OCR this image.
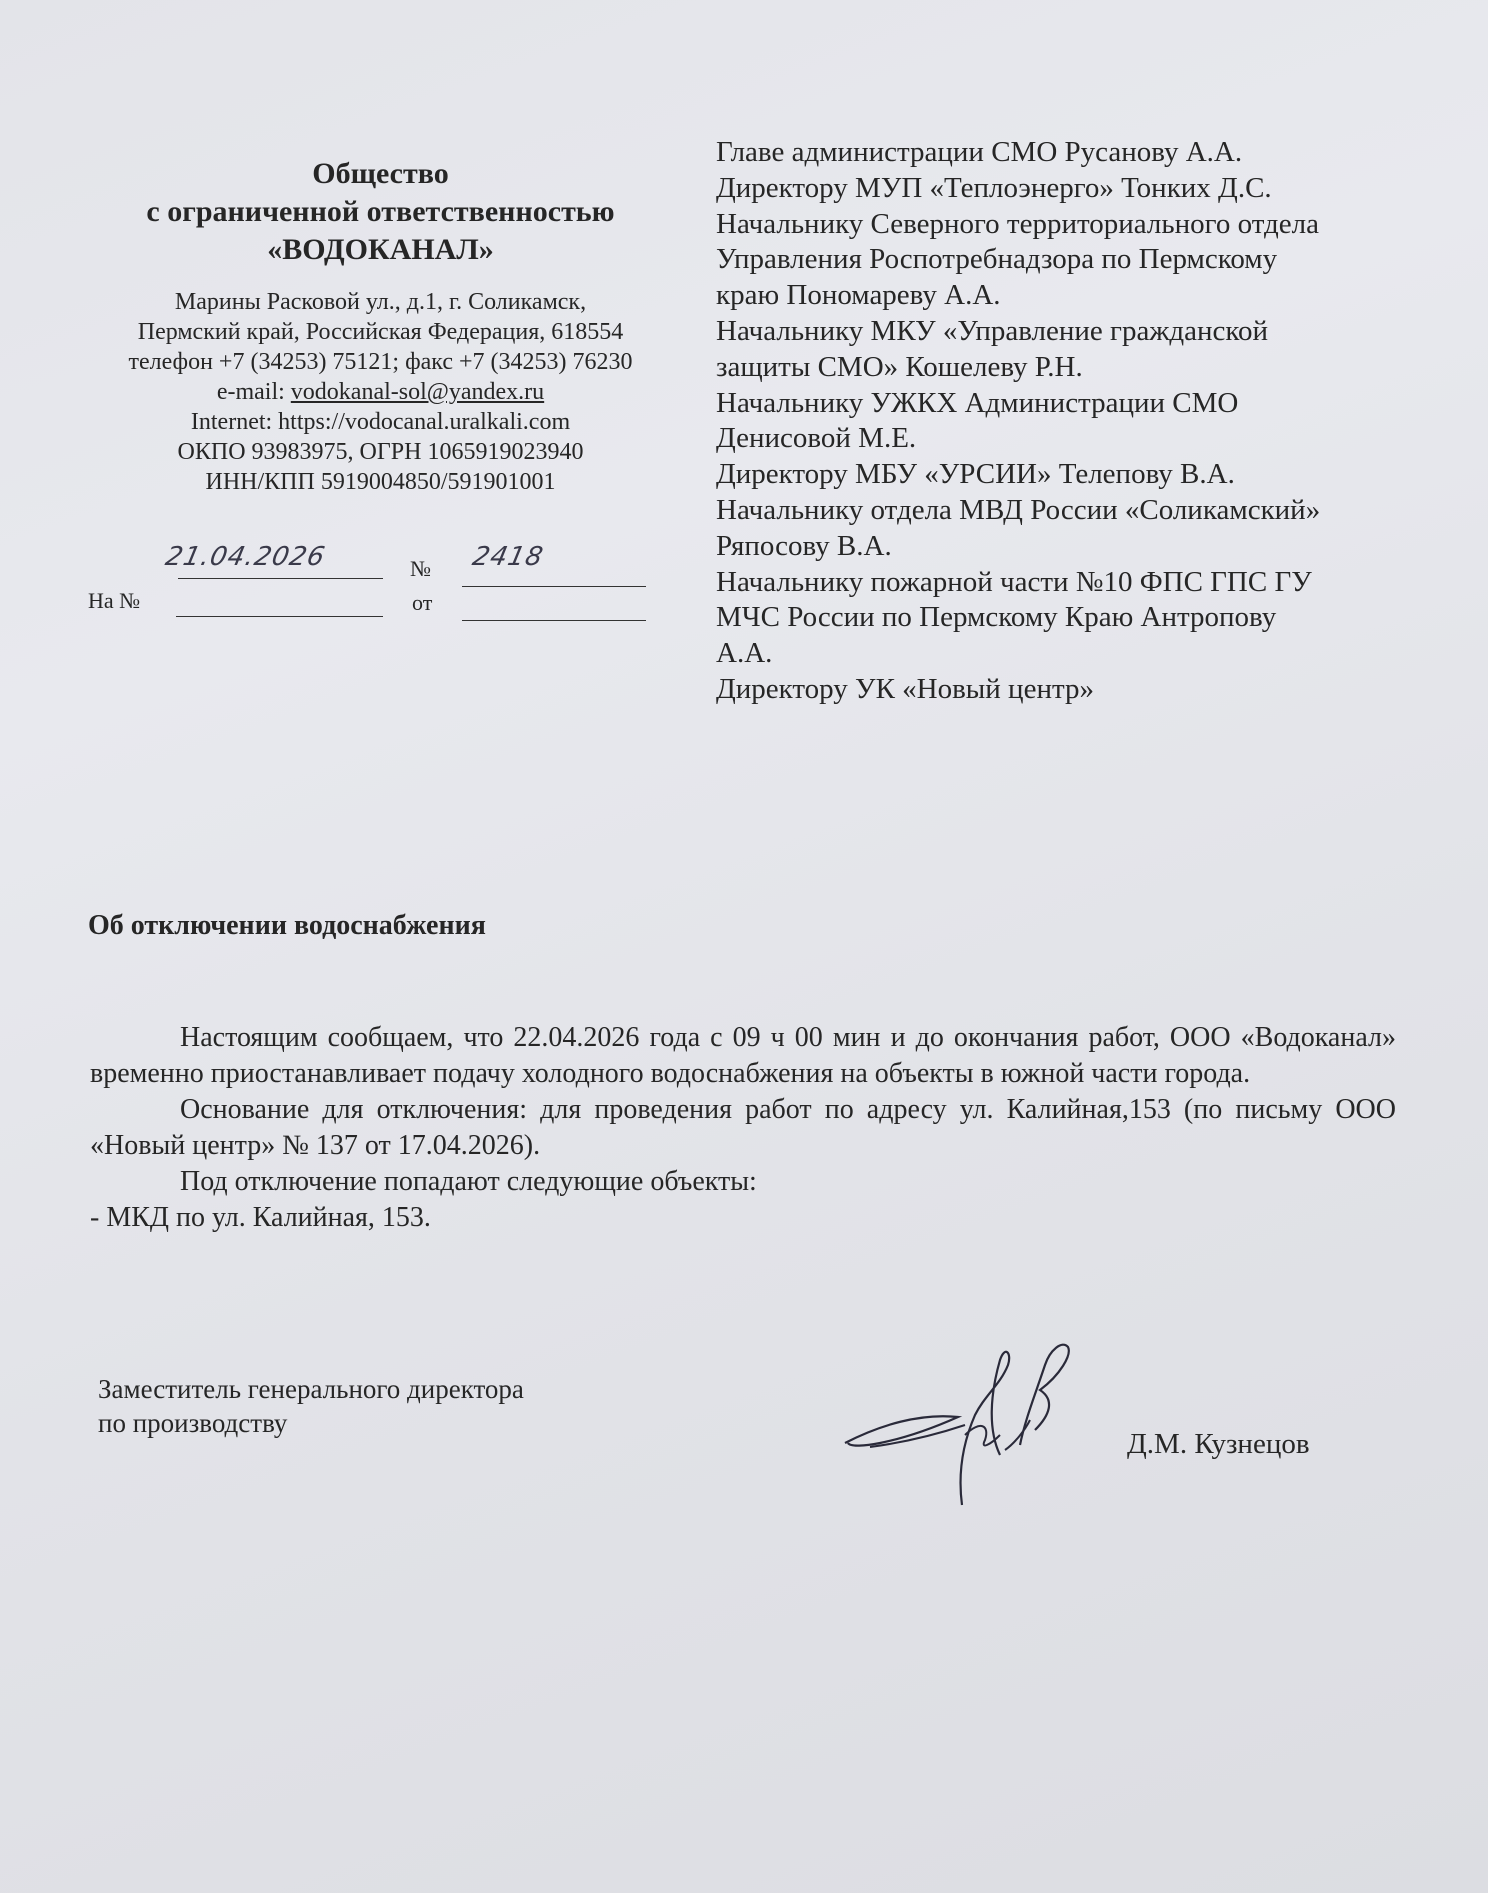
Общество

с ограниченной ответственностью

«ВОДОКАНАЛ»

Марины Расковой ул., д.1, г. Соликамск,
Пермский край, Российская Федерация, 618554
телефон +7 (34253) 75121; факс +7 (34253) 76230
e-mail: vodokanal-sol@yandex.ru
Internet: https://vodocanal.uralkali.com
ОКПО 93983975, ОГРН 1065919023940
ИНН/КПП 5919004850/591901001
21.04.2026	№ 2418
На №	от
Главе администрации СМО Русанову А.А.
Директору МУП «Теплоэнерго» Тонких Д.С.
Начальнику Северного территориального отдела
Управления Роспотребнадзора по Пермскому
краю Пономареву А.А.
Начальнику МКУ «Управление гражданской
защиты СМО» Кошелеву Р.Н.
Начальнику УЖКХ Администрации СМО
Денисовой М.Е.
Директору МБУ «УРСИИ» Телепову В.А.
Начальнику отдела МВД России «Соликамский»
Ряпосову В.А.
Начальнику пожарной части №10 ФПС ГПС ГУ
МЧС России по Пермскому Краю Антропову
А.А.
Директору УК «Новый центр»
Об отключении водоснабжения

Настоящим сообщаем, что 22.04.2026 года с 09 ч 00 мин и до окончания работ, ООО «Водоканал» временно приостанавливает подачу холодного водоснабжения на объекты в южной части города.

Основание для отключения: для проведения работ по адресу ул. Калийная,153 (по письму ООО «Новый центр» № 137 от 17.04.2026).

Под отключение попадают следующие объекты:

- МКД по ул. Калийная, 153.

Заместитель генерального директора
по производству
Д.М. Кузнецов
